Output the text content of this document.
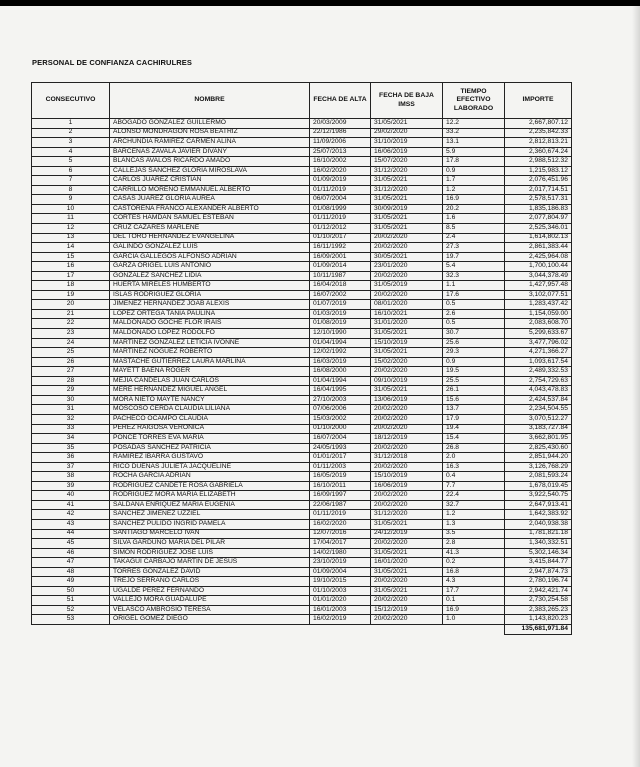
PERSONAL DE CONFIANZA CACHIRULRES
CONSECUTIVO	NOMBRE	FECHA DE ALTA	FECHA DE BAJA IMSS	TIEMPO EFECTIVO LABORADO	IMPORTE
1	ABOGADO GONZALEZ GUILLERMO	20/03/2009	31/05/2021	12.2	2,667,807.12
2	ALONSO MONDRAGON ROSA BEATRIZ	22/12/1986	29/02/2020	33.2	2,235,842.33
3	ARCHUNDIA RAMIREZ CARMEN ALINA	11/09/2006	31/10/2019	13.1	2,812,813.21
4	BARCENAS ZAVALA JAVIER DIVANY	25/07/2013	16/06/2019	5.9	2,360,674.24
5	BLANCAS AVALOS RICARDO AMADO	16/10/2002	15/07/2020	17.8	2,988,512.32
6	CALLEJAS SANCHEZ GLORIA MIROSLAVA	16/02/2020	31/12/2020	0.9	1,215,983.12
7	CARLOS JUAREZ CRISTIAN	01/09/2019	31/05/2021	1.7	2,076,451.96
8	CARRILLO MORENO EMMANUEL ALBERTO	01/11/2019	31/12/2020	1.2	2,017,714.51
9	CASAS JUAREZ GLORIA AUREA	06/07/2004	31/05/2021	16.9	2,578,517.31
10	CASTORENA FRANCO ALEXANDER ALBERTO	01/08/1999	30/09/2019	20.2	1,835,186.83
11	CORTES HAMDAN SAMUEL ESTEBAN	01/11/2019	31/05/2021	1.6	2,077,804.97
12	CRUZ CAZARES MARLENE	01/12/2012	31/05/2021	8.5	2,525,346.01
13	DEL TORO HERNANDEZ EVANGELINA	01/10/2017	20/02/2020	2.4	1,614,802.13
14	GALINDO GONZALEZ LUIS	16/11/1992	20/02/2020	27.3	2,861,383.44
15	GARCIA GALLEGOS ALFONSO ADRIAN	16/09/2001	30/05/2021	19.7	2,425,964.08
16	GARZA ORIGEL LUIS ANTONIO	01/09/2014	23/01/2020	5.4	1,700,100.44
17	GONZALEZ SANCHEZ LIDIA	10/11/1987	20/02/2020	32.3	3,044,378.49
18	HUERTA MIRELES HUMBERTO	16/04/2018	31/05/2019	1.1	1,427,957.48
19	ISLAS RODRIGUEZ GLORIA	16/07/2002	20/02/2020	17.6	3,102,077.51
20	JIMENEZ HERNANDEZ JOAB ALEXIS	01/07/2019	08/01/2020	0.5	1,283,437.42
21	LOPEZ ORTEGA TANIA PAULINA	01/03/2019	16/10/2021	2.6	1,154,059.00
22	MALDONADO GOCHE FLOR IRAIS	01/08/2019	31/01/2020	0.5	2,083,608.70
23	MALDONADO LOPEZ RODOLFO	12/10/1990	31/05/2021	30.7	5,299,633.67
24	MARTINEZ GONZALEZ LETICIA IVONNE	01/04/1994	15/10/2019	25.6	3,477,796.02
25	MARTINEZ NOGUEZ ROBERTO	12/02/1992	31/05/2021	29.3	4,271,366.27
26	MASTACHE GUTIERREZ LAURA MARLINA	16/03/2019	15/02/2020	0.9	1,093,617.54
27	MAYETT BAENA ROGER	16/08/2000	20/02/2020	19.5	2,489,332.53
28	MEJIA CANDELAS JUAN CARLOS	01/04/1994	09/10/2019	25.5	2,754,729.63
29	MERE HERNANDEZ MIGUEL ANGEL	16/04/1995	31/05/2021	26.1	4,043,478.83
30	MORA NIETO MAYTE NANCY	27/10/2003	13/06/2019	15.6	2,424,537.84
31	MOSCOSO CERDA CLAUDIA LILIANA	07/06/2006	20/02/2020	13.7	2,234,504.55
32	PACHECO OCAMPO CLAUDIA	15/03/2002	20/02/2020	17.9	3,070,512.27
33	PEREZ RAIGOSA VERONICA	01/10/2000	20/02/2020	19.4	3,183,727.84
34	PONCE TORRES EVA MARIA	16/07/2004	18/12/2019	15.4	3,662,801.95
35	POSADAS SANCHEZ PATRICIA	24/05/1993	20/02/2020	26.8	2,825,430.60
36	RAMIREZ IBARRA GUSTAVO	01/01/2017	31/12/2018	2.0	2,851,944.20
37	RICO DUENAS JULIETA JACQUELINE	01/11/2003	20/02/2020	16.3	3,126,768.29
38	ROCHA GARCIA ADRIAN	16/05/2019	15/10/2019	0.4	2,081,593.24
39	RODRIGUEZ CANDETE ROSA GABRIELA	16/10/2011	16/06/2019	7.7	1,678,019.45
40	RODRIGUEZ MORA MARIA ELIZABETH	16/09/1997	20/02/2020	22.4	3,922,540.75
41	SALDAÑA ENRIQUEZ MARIA EUGENIA	22/06/1987	20/02/2020	32.7	2,647,913.41
42	SANCHEZ JIMENEZ UZZIEL	01/11/2019	31/12/2020	1.2	1,642,383.92
43	SANCHEZ PULIDO INGRID PAMELA	16/02/2020	31/05/2021	1.3	2,040,938.38
44	SANTIAGO MARCELO IVAN	12/07/2016	24/12/2019	3.5	1,781,821.18
45	SILVA GARDUÑO MARIA DEL PILAR	17/04/2017	20/02/2020	2.8	1,340,332.51
46	SIMON RODRIGUEZ JOSE LUIS	14/02/1980	31/05/2021	41.3	5,302,146.34
47	TAKAGUI CARBAJO MARTIN DE JESUS	23/10/2019	16/01/2020	0.2	3,415,844.77
48	TORRES GONZALEZ DAVID	01/09/2004	31/05/2021	16.8	2,947,874.73
49	TREJO SERRANO CARLOS	19/10/2015	20/02/2020	4.3	2,780,196.74
50	UGALDE PEREZ FERNANDO	01/10/2003	31/05/2021	17.7	2,942,421.74
51	VALLEJO MORA GUADALUPE	01/01/2020	20/02/2020	0.1	2,730,254.58
52	VELASCO AMBROSIO TERESA	16/01/2003	15/12/2019	16.9	2,383,265.23
53	ORIGEL GÓMEZ DIEGO	16/02/2019	20/02/2020	1.0	1,143,820.23
					135,681,971.84
